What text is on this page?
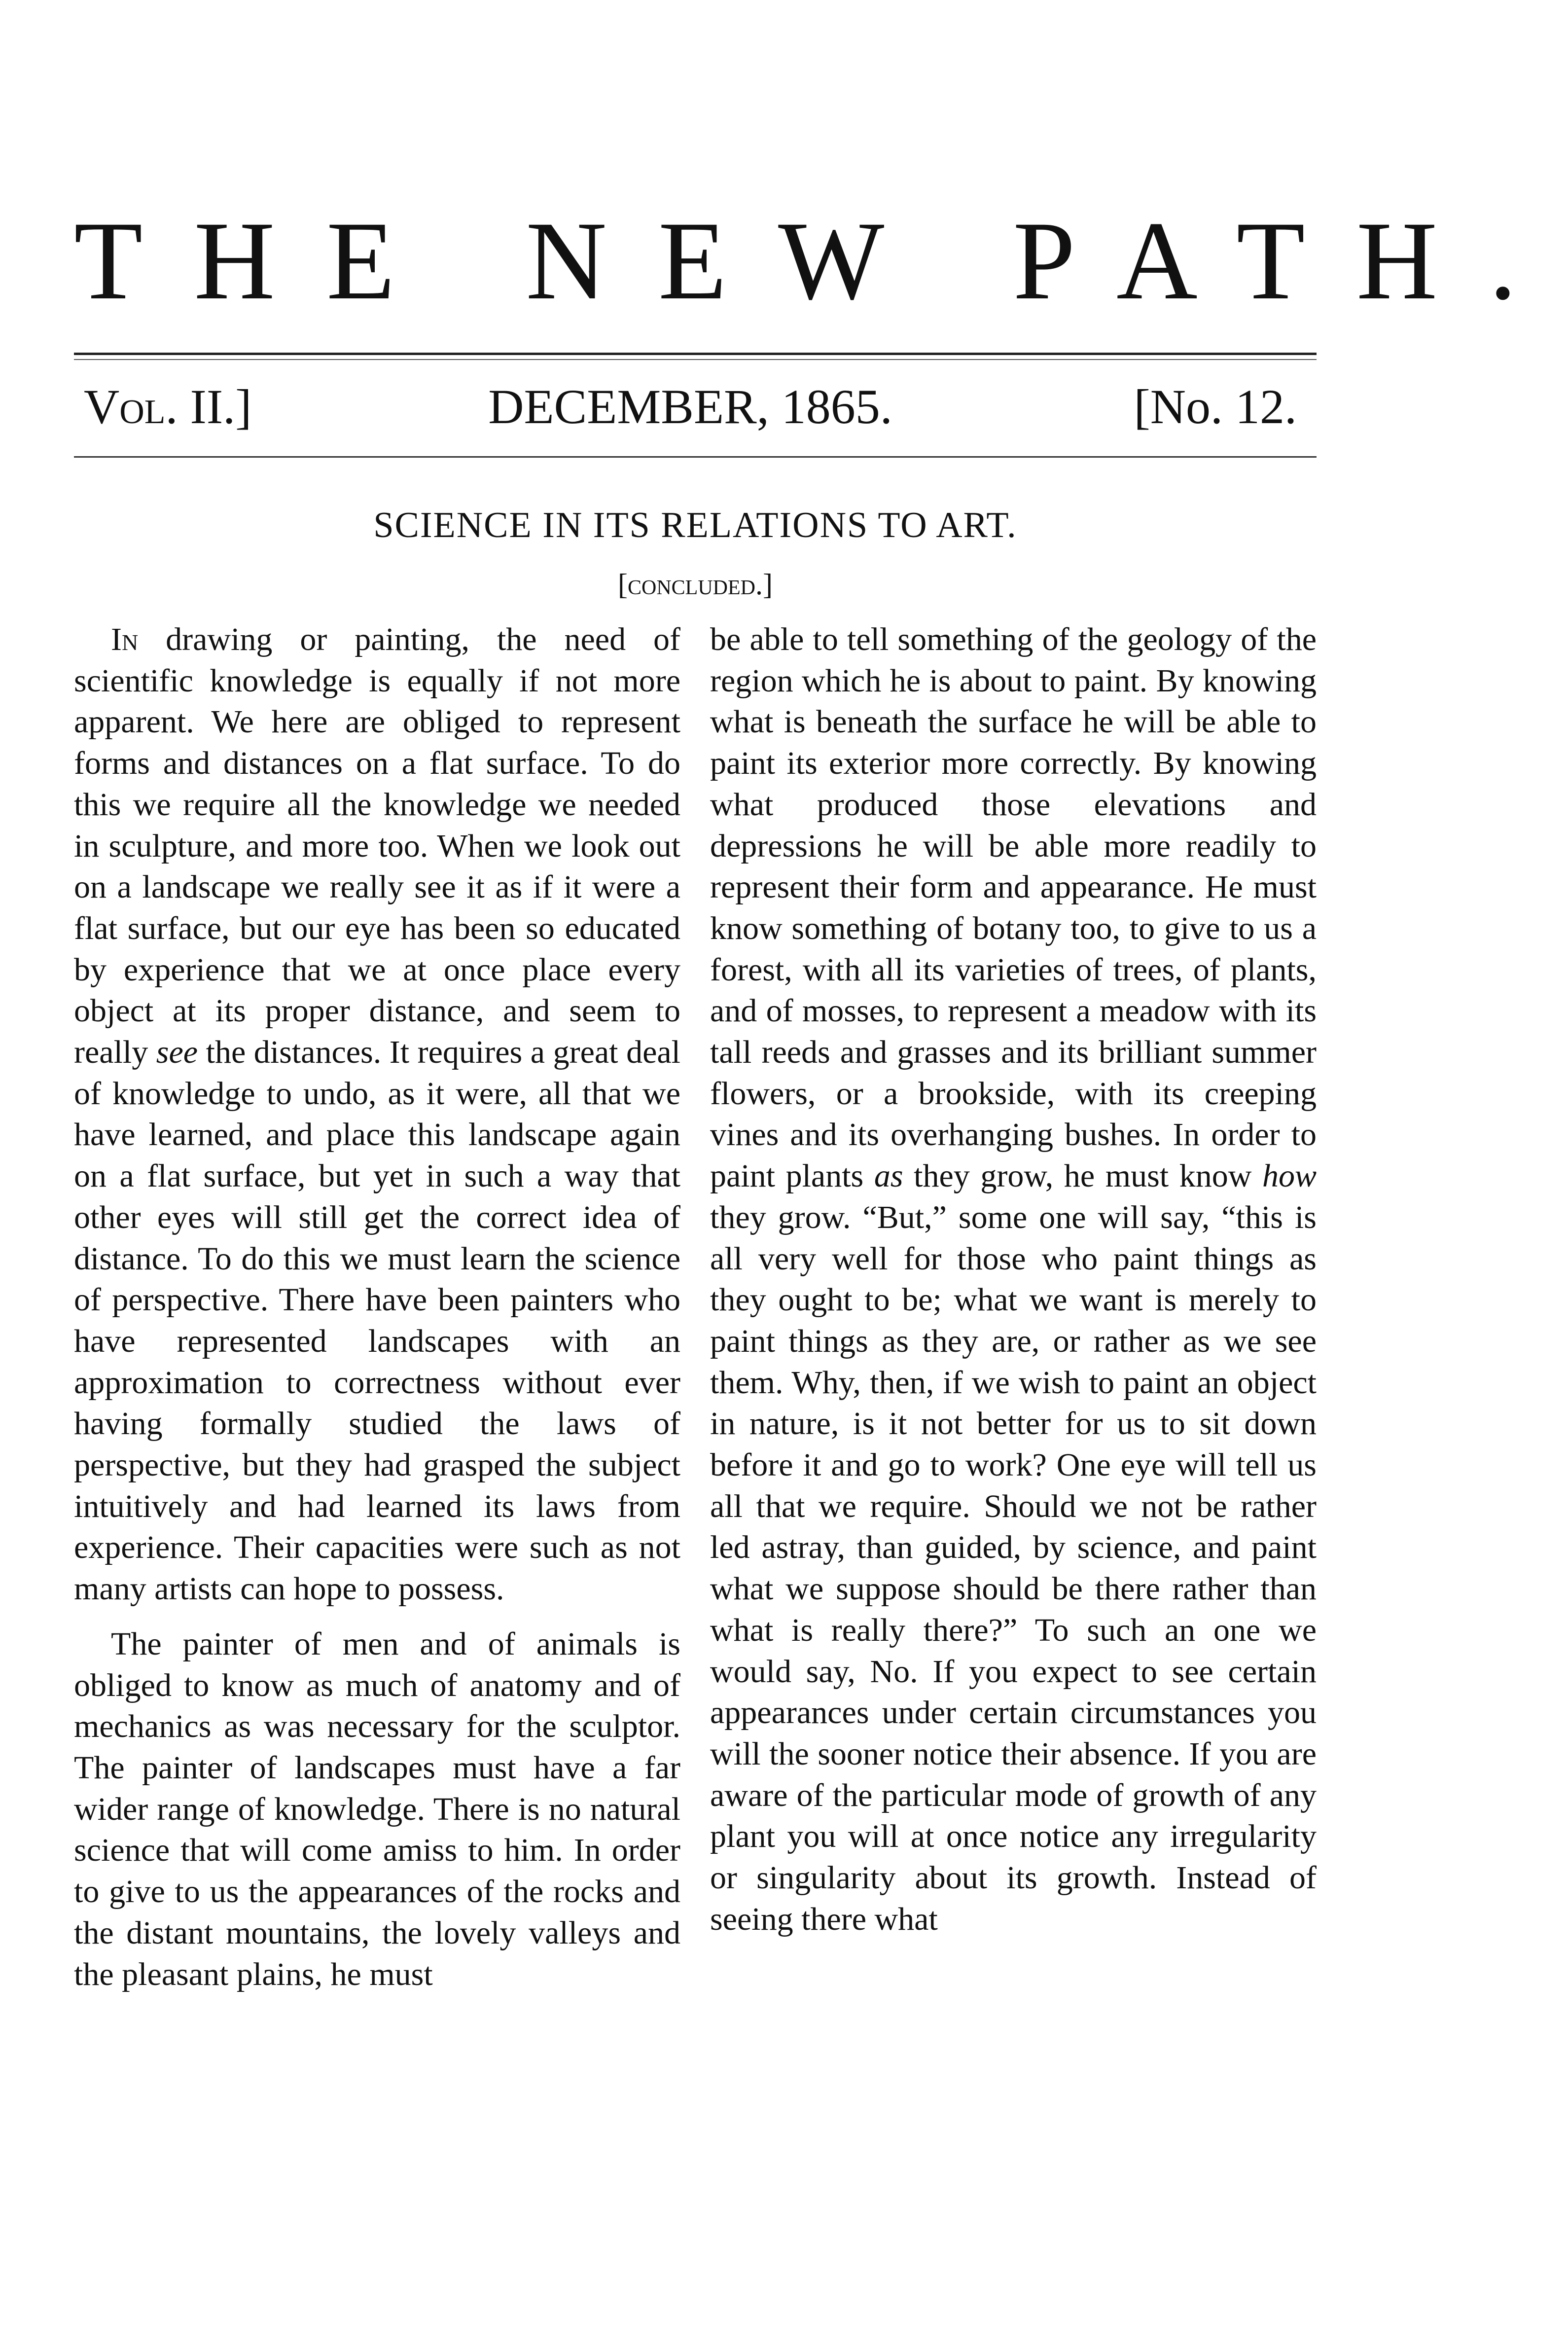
THE NEW PATH.
Vol. II.]	DECEMBER, 1865.	[No. 12.
SCIENCE IN ITS RELATIONS TO ART.
[concluded.]

In drawing or painting, the need of scientific knowledge is equally if not more apparent. We here are obliged to represent forms and distances on a flat surface. To do this we require all the knowledge we needed in sculpture, and more too. When we look out on a landscape we really see it as if it were a flat surface, but our eye has been so educated by experience that we at once place every object at its proper distance, and seem to really see the distances. It requires a great deal of knowledge to undo, as it were, all that we have learned, and place this landscape again on a flat surface, but yet in such a way that other eyes will still get the correct idea of distance. To do this we must learn the science of perspective. There have been painters who have represented landscapes with an approximation to correctness without ever having formally studied the laws of perspective, but they had grasped the subject intuitively and had learned its laws from experience. Their capacities were such as not many artists can hope to possess.

The painter of men and of animals is obliged to know as much of anatomy and of mechanics as was necessary for the sculptor. The painter of landscapes must have a far wider range of knowledge. There is no natural science that will come amiss to him. In order to give to us the appearances of the rocks and the distant mountains, the lovely valleys and the pleasant plains, he must

be able to tell something of the geology of the region which he is about to paint. By knowing what is beneath the surface he will be able to paint its exterior more correctly. By knowing what produced those elevations and depressions he will be able more readily to represent their form and appearance. He must know something of botany too, to give to us a forest, with all its varieties of trees, of plants, and of mosses, to represent a meadow with its tall reeds and grasses and its brilliant summer flowers, or a brookside, with its creeping vines and its overhanging bushes. In order to paint plants as they grow, he must know how they grow. “But,” some one will say, “this is all very well for those who paint things as they ought to be; what we want is merely to paint things as they are, or rather as we see them. Why, then, if we wish to paint an object in nature, is it not better for us to sit down before it and go to work? One eye will tell us all that we require. Should we not be rather led astray, than guided, by science, and paint what we suppose should be there rather than what is really there?” To such an one we would say, No. If you expect to see certain appearances under certain circumstances you will the sooner notice their absence. If you are aware of the particular mode of growth of any plant you will at once notice any irregularity or singularity about its growth. Instead of seeing there what
